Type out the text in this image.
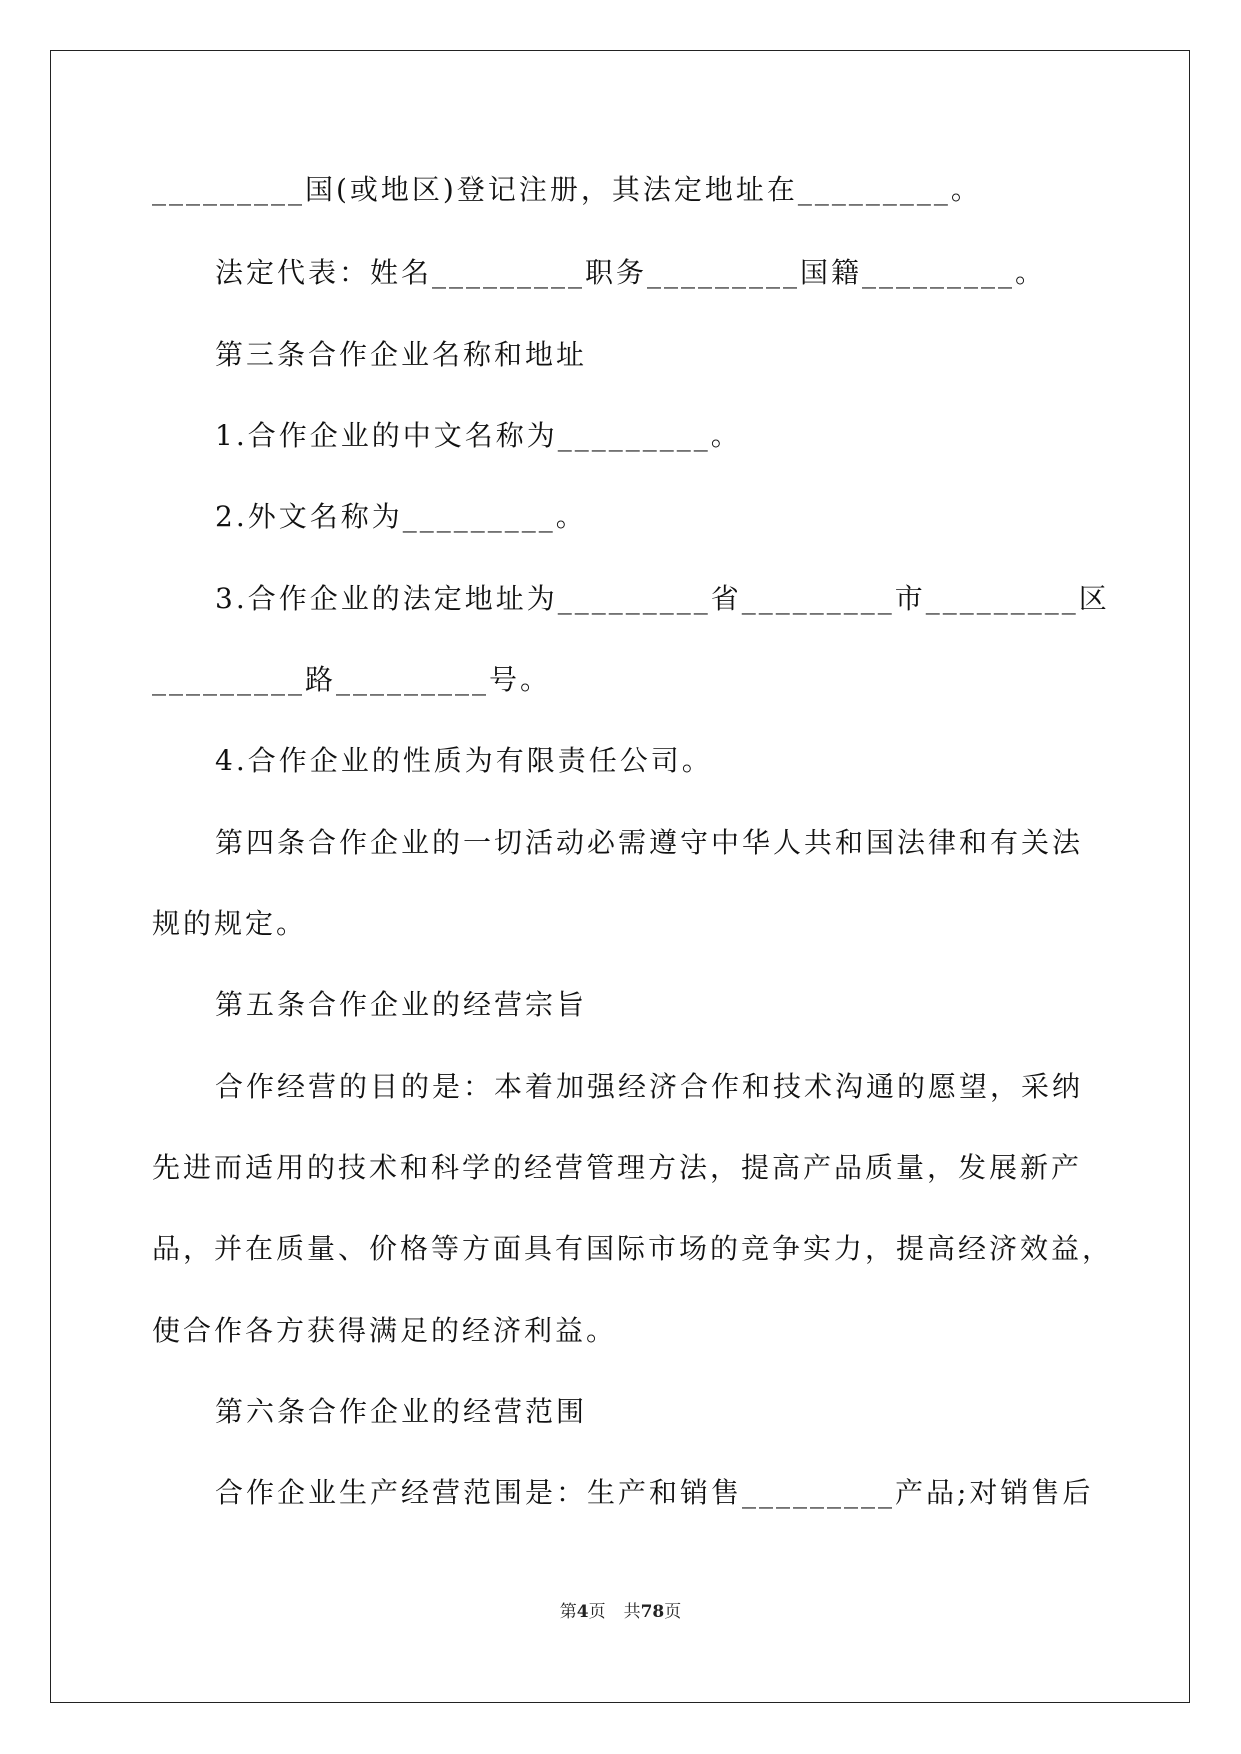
_________国(或地区)登记注册，其法定地址在_________。

法定代表：姓名_________职务_________国籍_________。

第三条合作企业名称和地址

1.合作企业的中文名称为_________。

2.外文名称为_________。

3.合作企业的法定地址为_________省_________市_________区

_________路_________号。

4.合作企业的性质为有限责任公司。

第四条合作企业的一切活动必需遵守中华人共和国法律和有关法

规的规定。

第五条合作企业的经营宗旨

合作经营的目的是：本着加强经济合作和技术沟通的愿望，采纳

先进而适用的技术和科学的经营管理方法，提高产品质量，发展新产

品，并在质量、价格等方面具有国际市场的竞争实力，提高经济效益，

使合作各方获得满足的经济利益。

第六条合作企业的经营范围

合作企业生产经营范围是：生产和销售_________产品;对销售后

第4页 共78页
